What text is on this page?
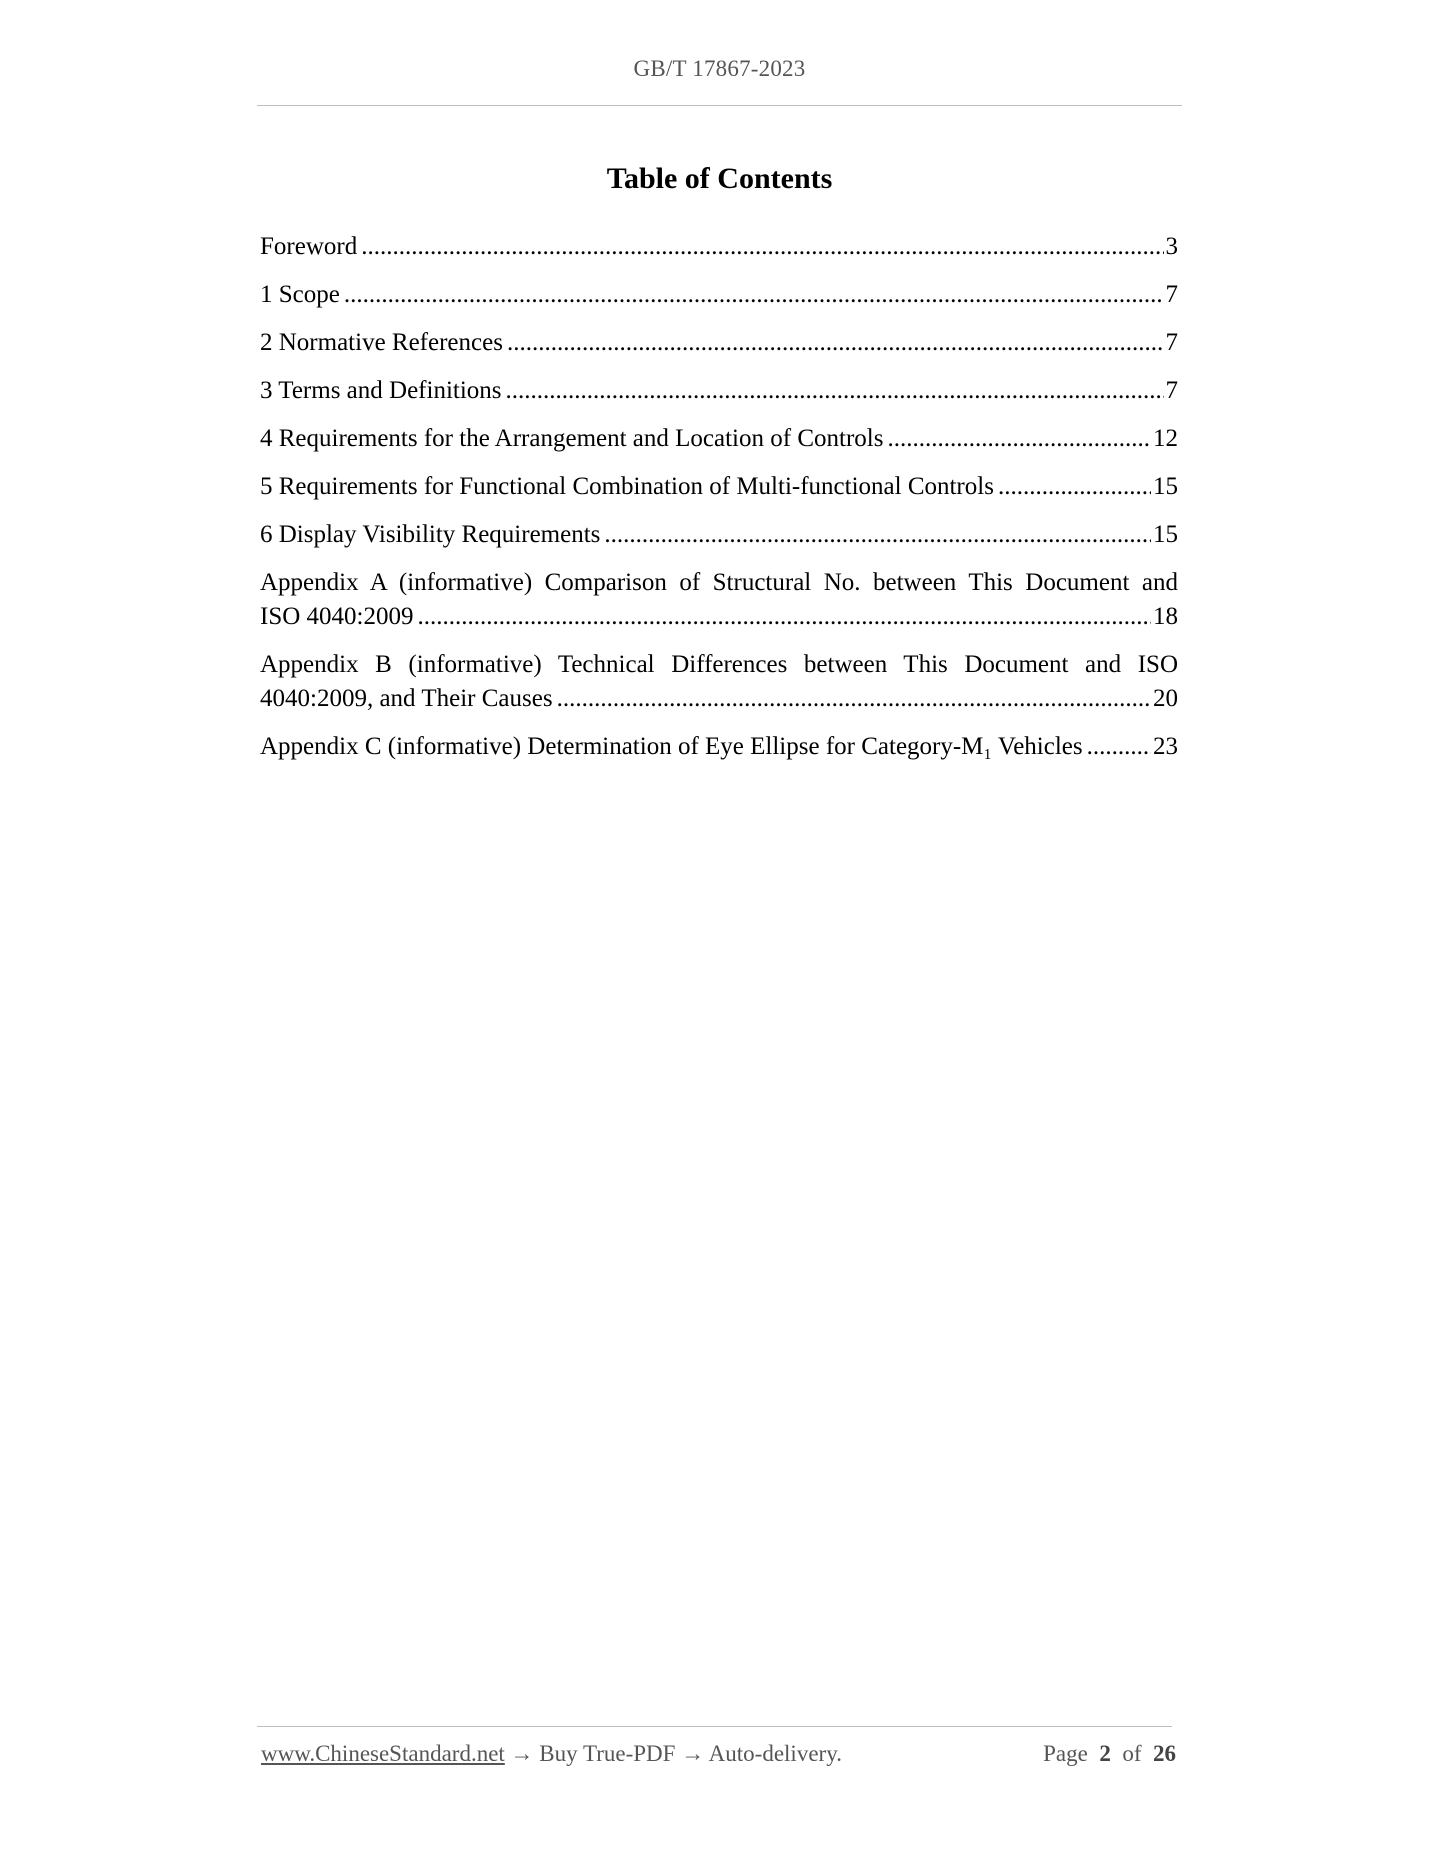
GB/T 17867-2023
Table of Contents
Foreword .....	3
1 Scope .....	7
2 Normative References .....	7
3 Terms and Definitions .....	7
4 Requirements for the Arrangement and Location of Controls .....	12
5 Requirements for Functional Combination of Multi-functional Controls .....	15
6 Display Visibility Requirements .....	15
Appendix A (informative) Comparison of Structural No. between This Document and
ISO 4040:2009 .....	18
Appendix B (informative) Technical Differences between This Document and ISO
4040:2009, and Their Causes .....	20
Appendix C (informative) Determination of Eye Ellipse for Category-M₁ Vehicles .....	23
www.ChineseStandard.net → Buy True-PDF → Auto-delivery.	Page 2 of 26
